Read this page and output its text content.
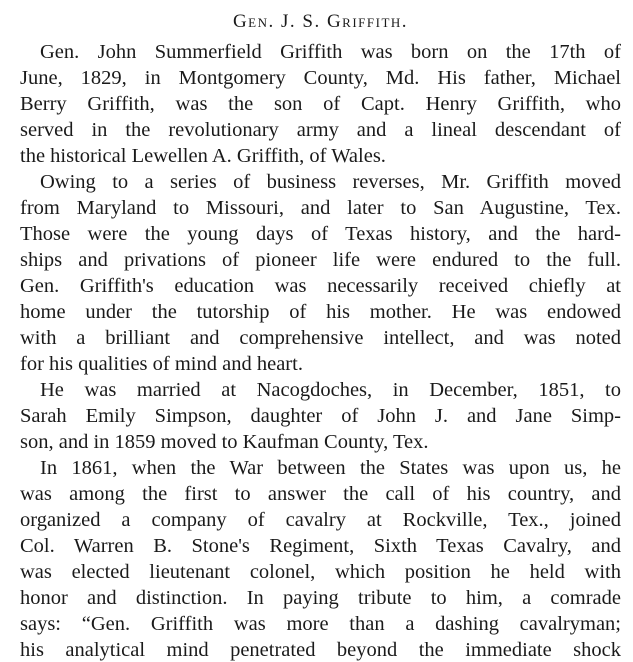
Gen. J. S. Griffith.
Gen. John Summerfield Griffith was born on the 17th of
June, 1829, in Montgomery County, Md. His father, Michael
Berry Griffith, was the son of Capt. Henry Griffith, who
served in the revolutionary army and a lineal descendant of
the historical Lewellen A. Griffith, of Wales.
Owing to a series of business reverses, Mr. Griffith moved
from Maryland to Missouri, and later to San Augustine, Tex.
Those were the young days of Texas history, and the hard-
ships and privations of pioneer life were endured to the full.
Gen. Griffith's education was necessarily received chiefly at
home under the tutorship of his mother. He was endowed
with a brilliant and comprehensive intellect, and was noted
for his qualities of mind and heart.
He was married at Nacogdoches, in December, 1851, to
Sarah Emily Simpson, daughter of John J. and Jane Simp-
son, and in 1859 moved to Kaufman County, Tex.
In 1861, when the War between the States was upon us, he
was among the first to answer the call of his country, and
organized a company of cavalry at Rockville, Tex., joined
Col. Warren B. Stone's Regiment, Sixth Texas Cavalry, and
was elected lieutenant colonel, which position he held with
honor and distinction. In paying tribute to him, a comrade
says: “Gen. Griffith was more than a dashing cavalryman;
his analytical mind penetrated beyond the immediate shock
